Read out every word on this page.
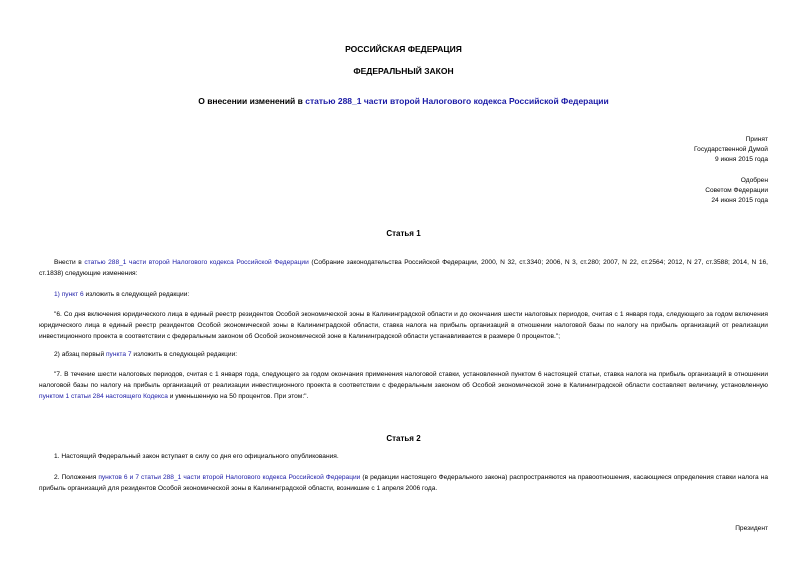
РОССИЙСКАЯ ФЕДЕРАЦИЯ
ФЕДЕРАЛЬНЫЙ ЗАКОН
О внесении изменений в статью 288_1 части второй Налогового кодекса Российской Федерации
Принят
Государственной Думой
9 июня 2015 года
Одобрен
Советом Федерации
24 июня 2015 года
Статья 1
Внести в статью 288_1 части второй Налогового кодекса Российской Федерации (Собрание законодательства Российской Федерации, 2000, N 32, ст.3340; 2006, N 3, ст.280; 2007, N 22, ст.2564; 2012, N 27, ст.3588; 2014, N 16, ст.1838) следующие изменения:
1) пункт 6 изложить в следующей редакции:
"6. Со дня включения юридического лица в единый реестр резидентов Особой экономической зоны в Калининградской области и до окончания шести налоговых периодов, считая с 1 января года, следующего за годом включения юридического лица в единый реестр резидентов Особой экономической зоны в Калининградской области, ставка налога на прибыль организаций в отношении налоговой базы по налогу на прибыль организаций от реализации инвестиционного проекта в соответствии с федеральным законом об Особой экономической зоне в Калининградской области устанавливается в размере 0 процентов.";
2) абзац первый пункта 7 изложить в следующей редакции:
"7. В течение шести налоговых периодов, считая с 1 января года, следующего за годом окончания применения налоговой ставки, установленной пунктом 6 настоящей статьи, ставка налога на прибыль организаций в отношении налоговой базы по налогу на прибыль организаций от реализации инвестиционного проекта в соответствии с федеральным законом об Особой экономической зоне в Калининградской области составляет величину, установленную пунктом 1 статьи 284 настоящего Кодекса и уменьшенную на 50 процентов. При этом:".
Статья 2
1. Настоящий Федеральный закон вступает в силу со дня его официального опубликования.
2. Положения пунктов 6 и 7 статьи 288_1 части второй Налогового кодекса Российской Федерации (в редакции настоящего Федерального закона) распространяются на правоотношения, касающиеся определения ставки налога на прибыль организаций для резидентов Особой экономической зоны в Калининградской области, возникшие с 1 апреля 2006 года.
Президент
